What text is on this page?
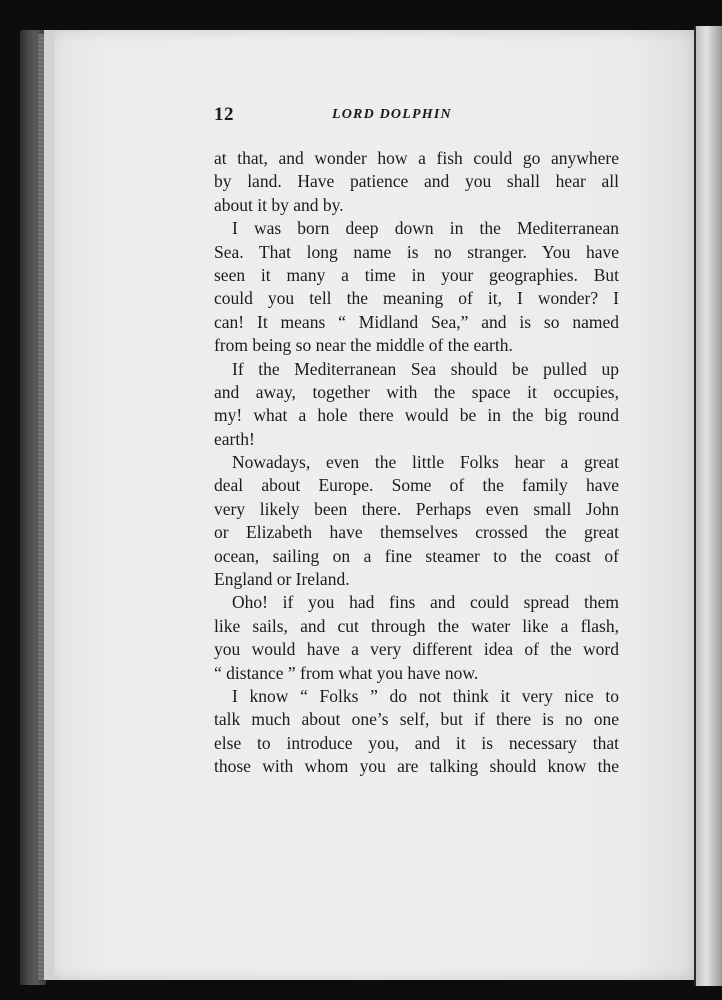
12	LORD DOLPHIN
at that, and wonder how a fish could go anywhere
by land. Have patience and you shall hear all
about it by and by.
I was born deep down in the Mediterranean
Sea. That long name is no stranger. You have
seen it many a time in your geographies. But
could you tell the meaning of it, I wonder? I
can! It means “ Midland Sea,” and is so named
from being so near the middle of the earth.
If the Mediterranean Sea should be pulled up
and away, together with the space it occupies,
my! what a hole there would be in the big round
earth!
Nowadays, even the little Folks hear a great
deal about Europe. Some of the family have
very likely been there. Perhaps even small John
or Elizabeth have themselves crossed the great
ocean, sailing on a fine steamer to the coast of
England or Ireland.
Oho! if you had fins and could spread them
like sails, and cut through the water like a flash,
you would have a very different idea of the word
“ distance ” from what you have now.
I know “ Folks ” do not think it very nice to
talk much about one’s self, but if there is no one
else to introduce you, and it is necessary that
those with whom you are talking should know the
